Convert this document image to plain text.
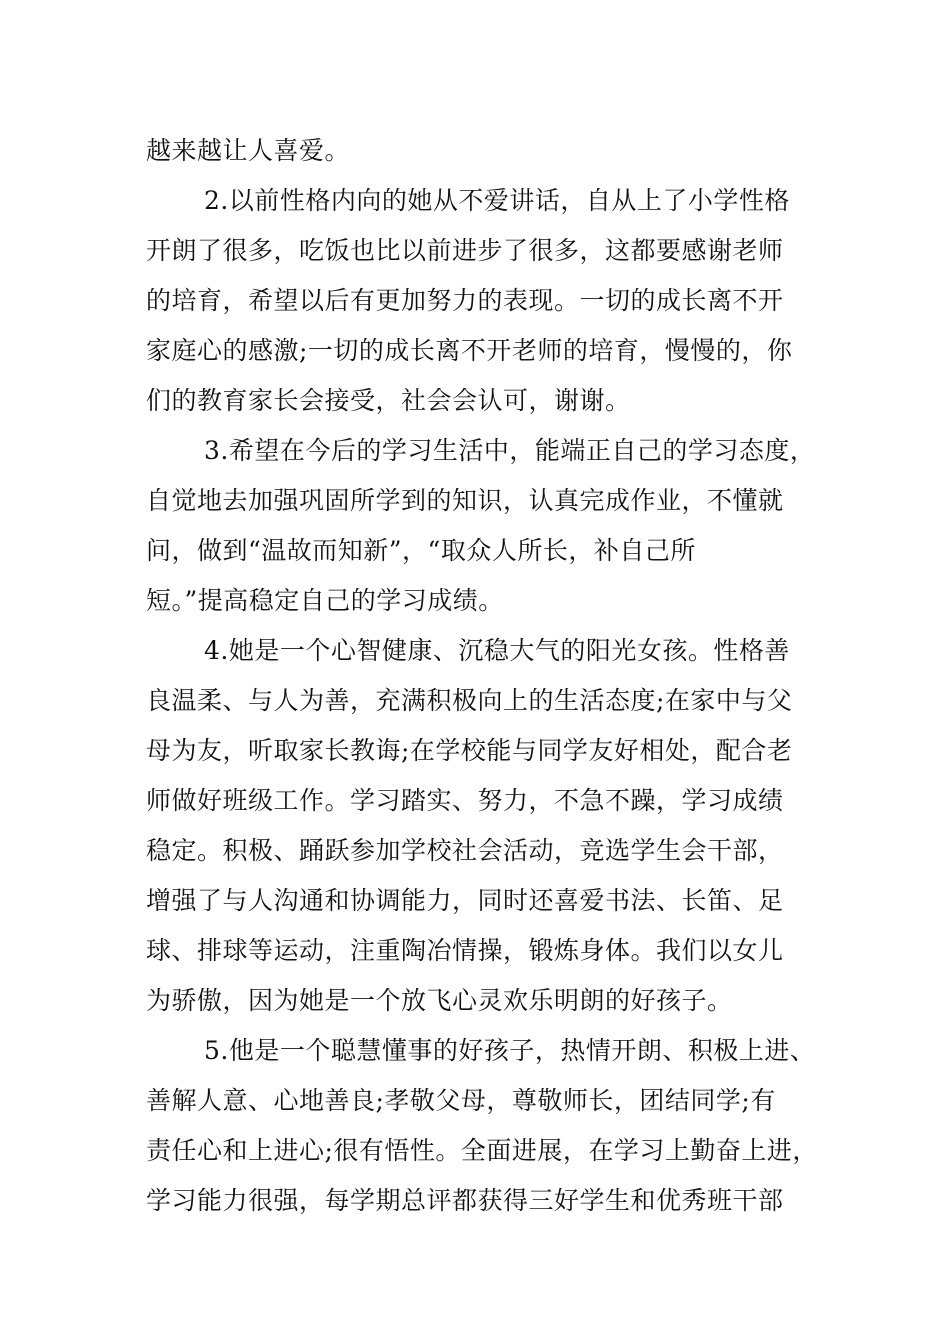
越来越让人喜爱。
2.以前性格内向的她从不爱讲话，自从上了小学性格
开朗了很多，吃饭也比以前进步了很多，这都要感谢老师
的培育，希望以后有更加努力的表现。一切的成长离不开
家庭心的感激;一切的成长离不开老师的培育，慢慢的，你
们的教育家长会接受，社会会认可，谢谢。
3.希望在今后的学习生活中，能端正自己的学习态度，
自觉地去加强巩固所学到的知识，认真完成作业，不懂就
问，做到“温故而知新”，“取众人所长，补自己所
短。”提高稳定自己的学习成绩。
4.她是一个心智健康、沉稳大气的阳光女孩。性格善
良温柔、与人为善，充满积极向上的生活态度;在家中与父
母为友，听取家长教诲;在学校能与同学友好相处，配合老
师做好班级工作。学习踏实、努力，不急不躁，学习成绩
稳定。积极、踊跃参加学校社会活动，竞选学生会干部，
增强了与人沟通和协调能力，同时还喜爱书法、长笛、足
球、排球等运动，注重陶冶情操，锻炼身体。我们以女儿
为骄傲，因为她是一个放飞心灵欢乐明朗的好孩子。
5.他是一个聪慧懂事的好孩子，热情开朗、积极上进、
善解人意、心地善良;孝敬父母，尊敬师长，团结同学;有
责任心和上进心;很有悟性。全面进展，在学习上勤奋上进，
学习能力很强，每学期总评都获得三好学生和优秀班干部
